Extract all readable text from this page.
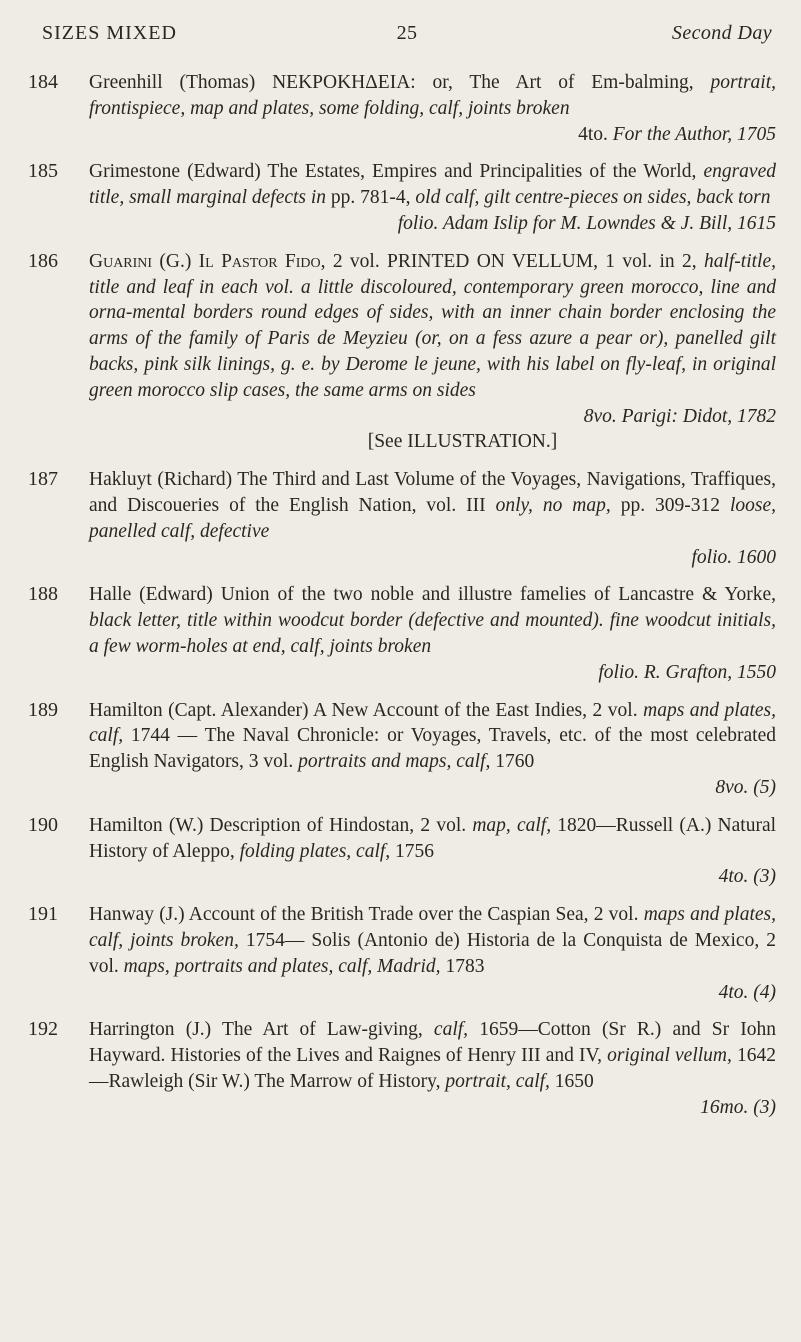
SIZES MIXED	25	Second Day
184	Greenhill (Thomas) ΝΕΚΡΟΚΗΔΕΙΑ: or, The Art of Em-balming, portrait, frontispiece, map and plates, some folding, calf, joints broken
4to. For the Author, 1705
185	Grimestone (Edward) The Estates, Empires and Principalities of the World, engraved title, small marginal defects in pp. 781-4, old calf, gilt centre-pieces on sides, back torn
folio. Adam Islip for M. Lowndes & J. Bill, 1615
186	Guarini (G.) Il Pastor Fido, 2 vol. PRINTED ON VELLUM, 1 vol. in 2, half-title, title and leaf in each vol. a little discoloured, contemporary green morocco, line and orna-mental borders round edges of sides, with an inner chain border enclosing the arms of the family of Paris de Meyzieu (or, on a fess azure a pear or), panelled gilt backs, pink silk linings, g. e. by Derome le jeune, with his label on fly-leaf, in original green morocco slip cases, the same arms on sides
8vo. Parigi: Didot, 1782
[See ILLUSTRATION.]
187	Hakluyt (Richard) The Third and Last Volume of the Voyages, Navigations, Traffiques, and Discoueries of the English Nation, vol. III only, no map, pp. 309-312 loose, panelled calf, defective
folio. 1600
188	Halle (Edward) Union of the two noble and illustre famelies of Lancastre & Yorke, black letter, title within woodcut border (defective and mounted). fine woodcut initials, a few worm-holes at end, calf, joints broken
folio. R. Grafton, 1550
189	Hamilton (Capt. Alexander) A New Account of the East Indies, 2 vol. maps and plates, calf, 1744 — The Naval Chronicle: or Voyages, Travels, etc. of the most celebrated English Navigators, 3 vol. portraits and maps, calf, 1760
8vo. (5)
190	Hamilton (W.) Description of Hindostan, 2 vol. map, calf, 1820—Russell (A.) Natural History of Aleppo, folding plates, calf, 1756
4to. (3)
191	Hanway (J.) Account of the British Trade over the Caspian Sea, 2 vol. maps and plates, calf, joints broken, 1754— Solis (Antonio de) Historia de la Conquista de Mexico, 2 vol. maps, portraits and plates, calf, Madrid, 1783
4to. (4)
192	Harrington (J.) The Art of Law-giving, calf, 1659—Cotton (Sr R.) and Sr Iohn Hayward. Histories of the Lives and Raignes of Henry III and IV, original vellum, 1642—Rawleigh (Sir W.) The Marrow of History, portrait, calf, 1650
16mo. (3)
